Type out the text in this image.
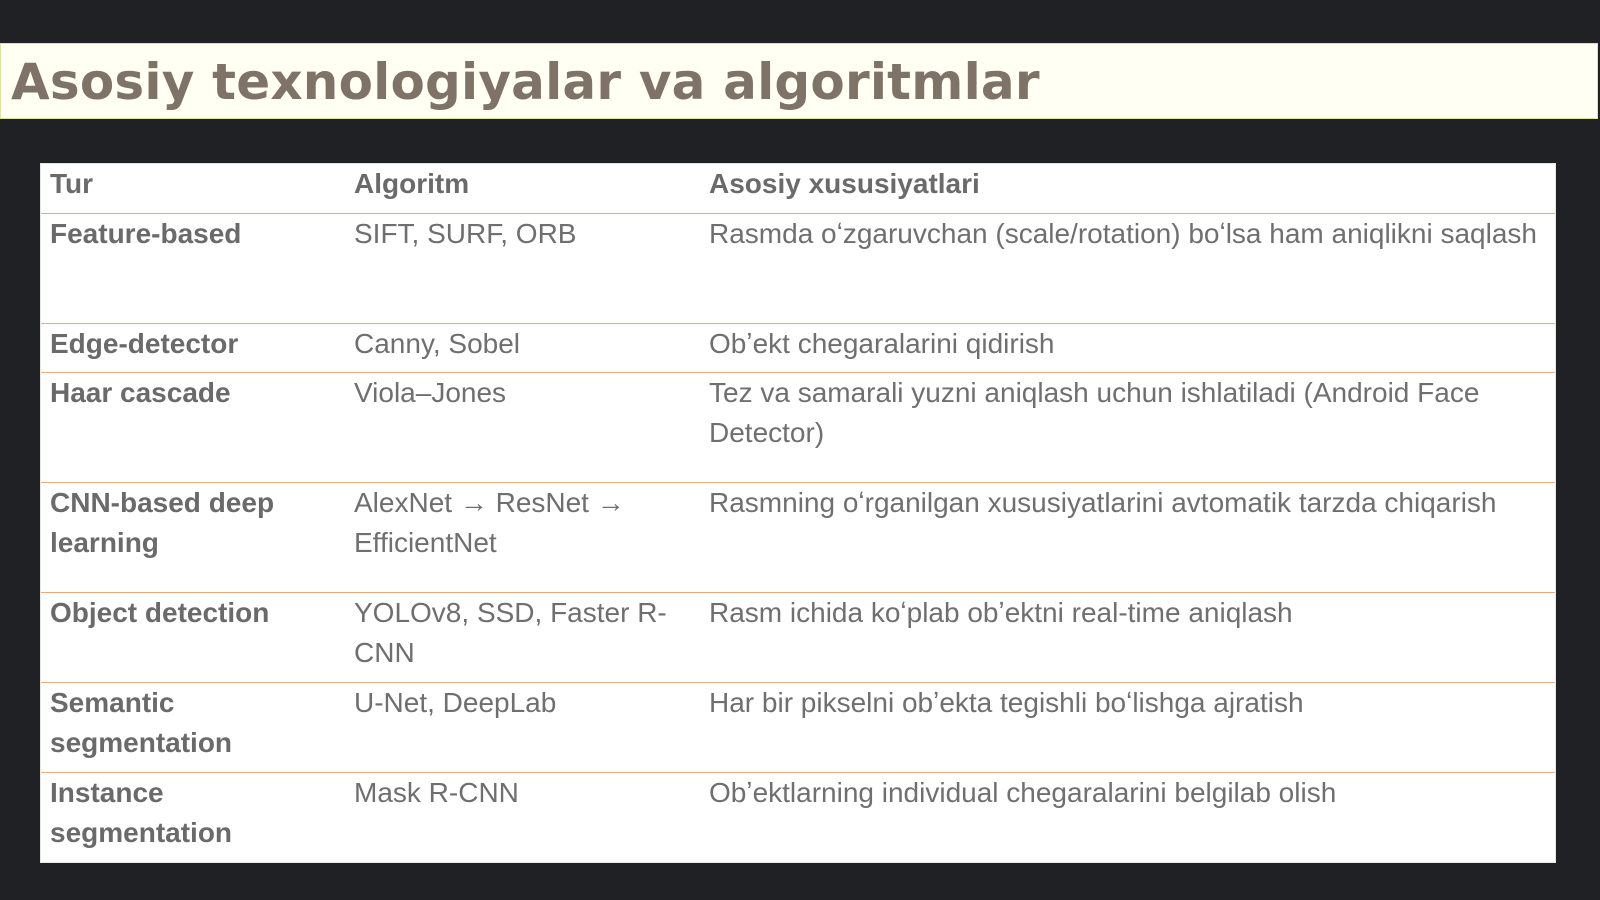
Asosiy texnologiyalar va algoritmlar
Tur	Algoritm	Asosiy xususiyatlari
Feature-based	SIFT, SURF, ORB	Rasmda oʻzgaruvchan (scale/rotation) boʻlsa ham aniqlikni saqlash
Edge-detector	Canny, Sobel	Obʼekt chegaralarini qidirish
Haar cascade	Viola–Jones	Tez va samarali yuzni aniqlash uchun ishlatiladi (Android Face Detector)
CNN-based deep learning	AlexNet → ResNet → EfficientNet	Rasmning oʻrganilgan xususiyatlarini avtomatik tarzda chiqarish
Object detection	YOLOv8, SSD, Faster R-CNN	Rasm ichida koʻplab obʼektni real-time aniqlash
Semantic segmentation	U-Net, DeepLab	Har bir pikselni obʼekta tegishli boʻlishga ajratish
Instance segmentation	Mask R-CNN	Obʼektlarning individual chegaralarini belgilab olish
